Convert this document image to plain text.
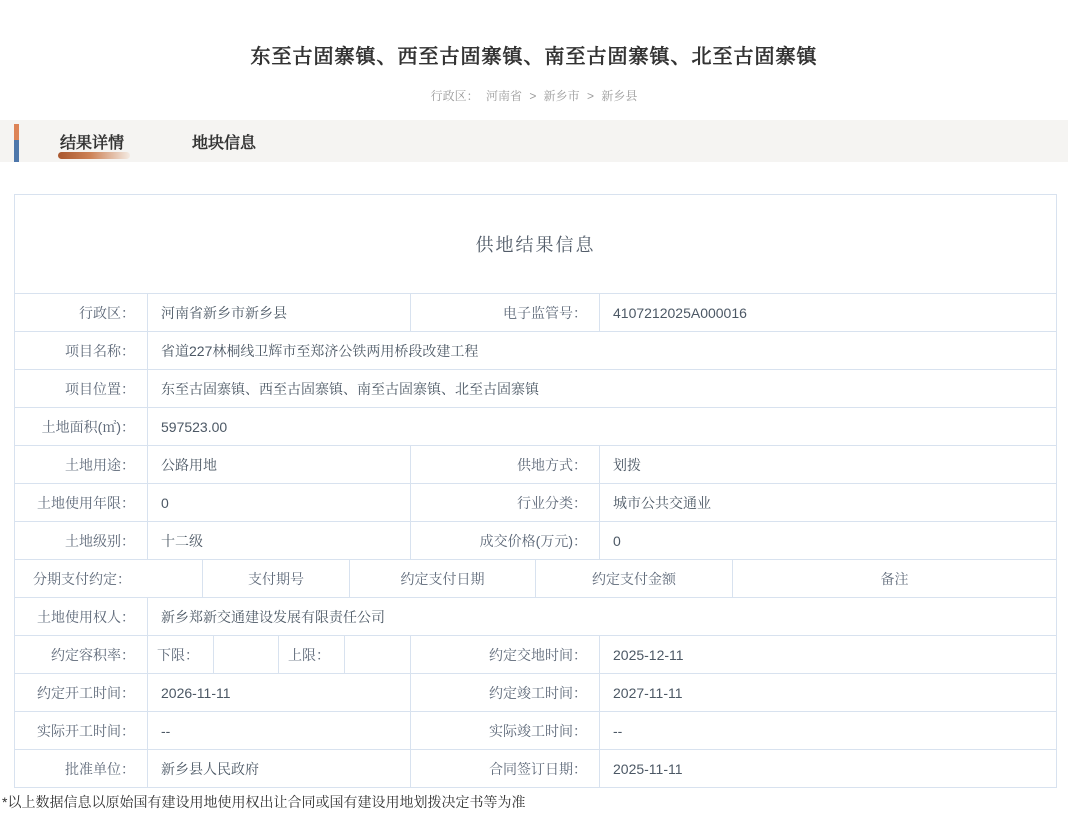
东至古固寨镇、西至古固寨镇、南至古固寨镇、北至古固寨镇
行政区： 河南省 > 新乡市 > 新乡县
结果详情	地块信息
供地结果信息
行政区：	河南省新乡市新乡县	电子监管号：	4107212025A000016
项目名称：	省道227林桐线卫辉市至郑济公铁两用桥段改建工程
项目位置：	东至古固寨镇、西至古固寨镇、南至古固寨镇、北至古固寨镇
土地面积(㎡)：	597523.00
土地用途：	公路用地	供地方式：	划拨
土地使用年限：	0	行业分类：	城市公共交通业
土地级别：	十二级	成交价格(万元)：	0
分期支付约定：	支付期号	约定支付日期	约定支付金额	备注
土地使用权人：	新乡郑新交通建设发展有限责任公司
约定容积率：	下限：	上限：	约定交地时间：	2025-12-11
约定开工时间：	2026-11-11	约定竣工时间：	2027-11-11
实际开工时间：	--	实际竣工时间：	--
批准单位：	新乡县人民政府	合同签订日期：	2025-11-11
*以上数据信息以原始国有建设用地使用权出让合同或国有建设用地划拨决定书等为准
